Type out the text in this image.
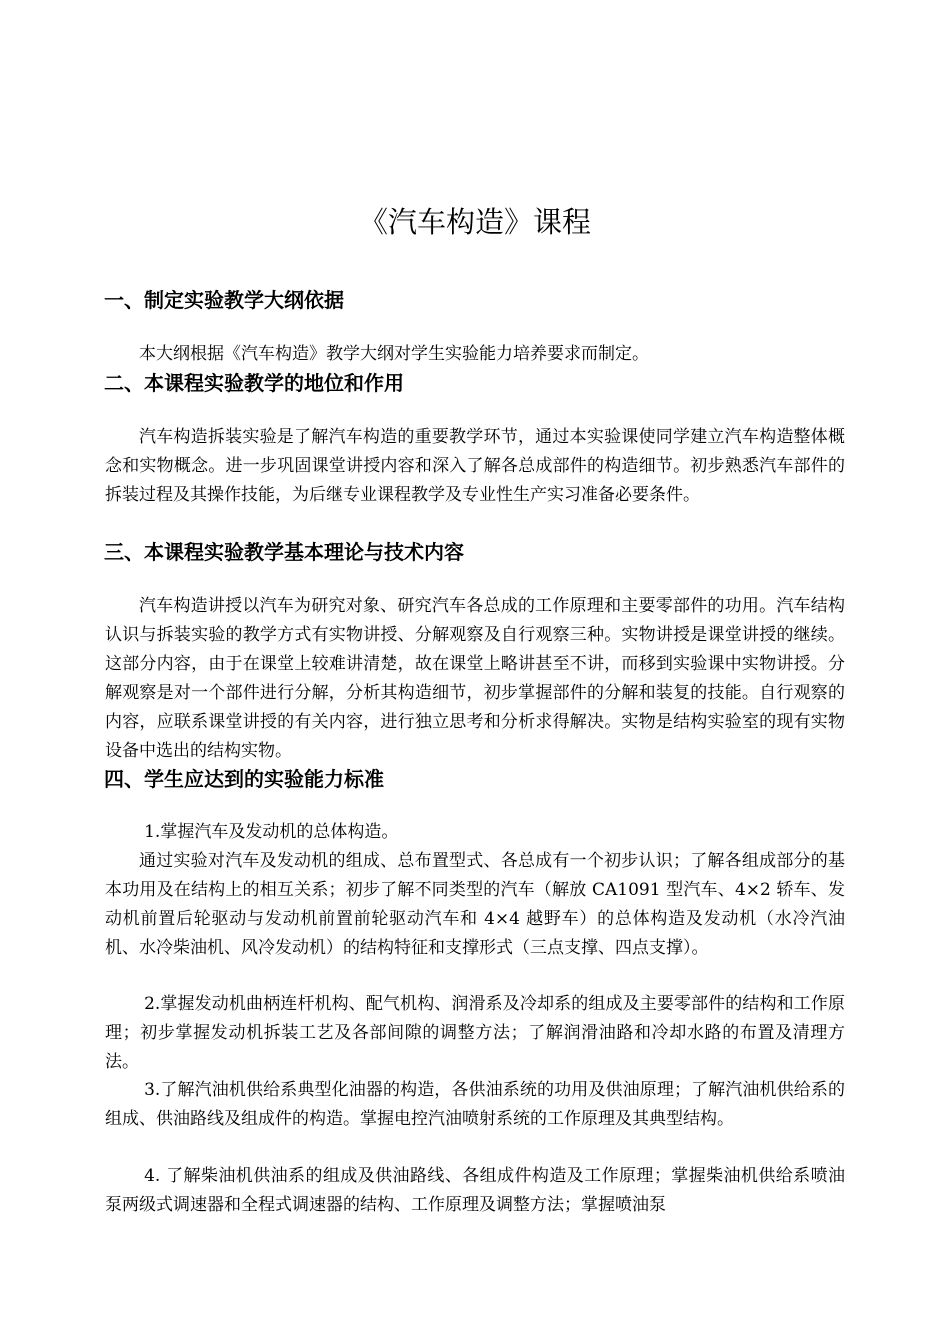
《汽车构造》课程
一、制定实验教学大纲依据

本大纲根据《汽车构造》教学大纲对学生实验能力培养要求而制定。

二、本课程实验教学的地位和作用

汽车构造拆装实验是了解汽车构造的重要教学环节，通过本实验课使同学建立汽车构造整体概念和实物概念。进一步巩固课堂讲授内容和深入了解各总成部件的构造细节。初步熟悉汽车部件的拆装过程及其操作技能，为后继专业课程教学及专业性生产实习准备必要条件。

三、本课程实验教学基本理论与技术内容

汽车构造讲授以汽车为研究对象、研究汽车各总成的工作原理和主要零部件的功用。汽车结构认识与拆装实验的教学方式有实物讲授、分解观察及自行观察三种。实物讲授是课堂讲授的继续。这部分内容，由于在课堂上较难讲清楚，故在课堂上略讲甚至不讲，而移到实验课中实物讲授。分解观察是对一个部件进行分解，分析其构造细节，初步掌握部件的分解和装复的技能。自行观察的内容，应联系课堂讲授的有关内容，进行独立思考和分析求得解决。实物是结构实验室的现有实物设备中选出的结构实物。

四、学生应达到的实验能力标准

1.掌握汽车及发动机的总体构造。

通过实验对汽车及发动机的组成、总布置型式、各总成有一个初步认识；了解各组成部分的基本功用及在结构上的相互关系；初步了解不同类型的汽车（解放 CA1091 型汽车、4×2 轿车、发动机前置后轮驱动与发动机前置前轮驱动汽车和 4×4 越野车）的总体构造及发动机（水冷汽油机、水冷柴油机、风冷发动机）的结构特征和支撑形式（三点支撑、四点支撑）。

2.掌握发动机曲柄连杆机构、配气机构、润滑系及冷却系的组成及主要零部件的结构和工作原理；初步掌握发动机拆装工艺及各部间隙的调整方法；了解润滑油路和冷却水路的布置及清理方法。

3.了解汽油机供给系典型化油器的构造，各供油系统的功用及供油原理；了解汽油机供给系的组成、供油路线及组成件的构造。掌握电控汽油喷射系统的工作原理及其典型结构。

4. 了解柴油机供油系的组成及供油路线、各组成件构造及工作原理；掌握柴油机供给系喷油泵两级式调速器和全程式调速器的结构、工作原理及调整方法；掌握喷油泵
